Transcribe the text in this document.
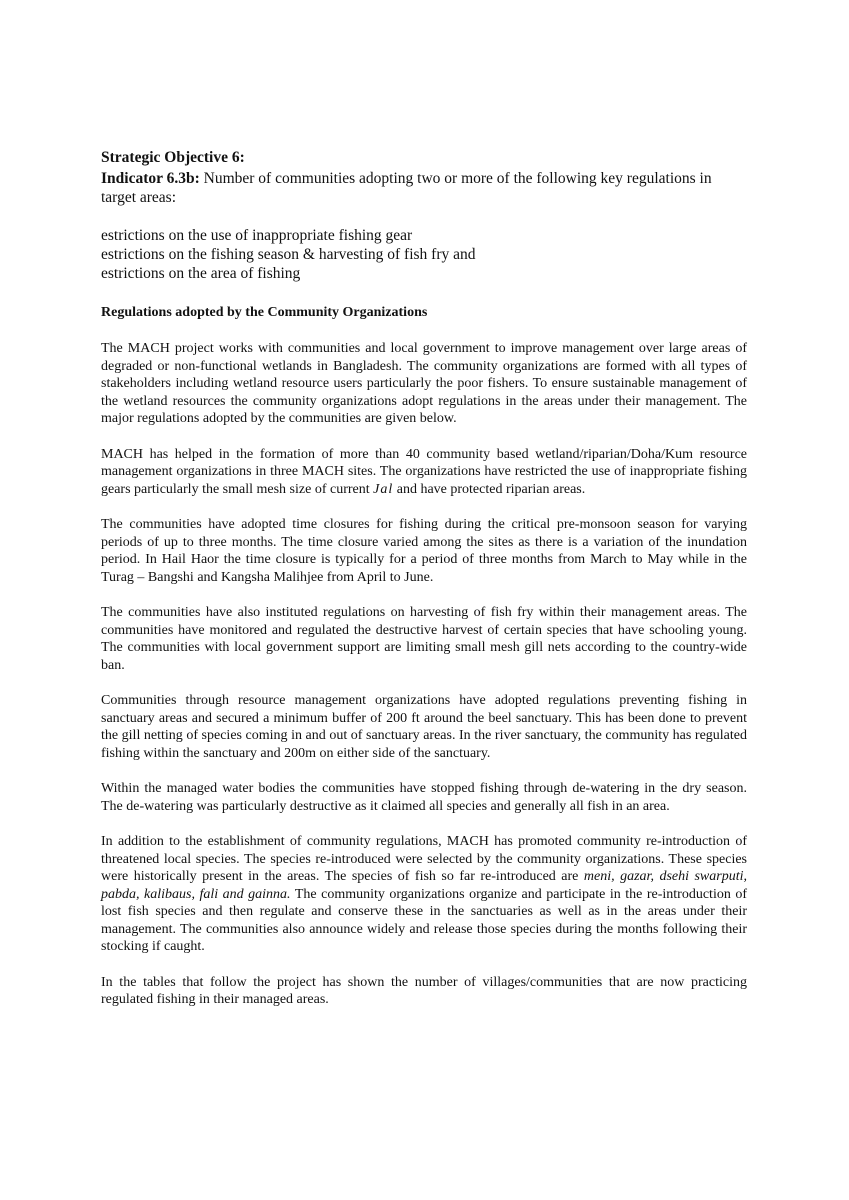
Strategic Objective 6:
Indicator 6.3b: Number of communities adopting two or more of the following key regulations in target areas:
estrictions on the use of inappropriate fishing gear
estrictions on the fishing season & harvesting of fish fry and
estrictions on the area of fishing
Regulations adopted by the Community Organizations
The MACH project works with communities and local government to improve management over large areas of degraded or non-functional wetlands in Bangladesh. The community organizations are formed with all types of stakeholders including wetland resource users particularly the poor fishers. To ensure sustainable management of the wetland resources the community organizations adopt regulations in the areas under their management. The major regulations adopted by the communities are given below.
MACH has helped in the formation of more than 40 community based wetland/riparian/Doha/Kum resource management organizations in three MACH sites. The organizations have restricted the use of inappropriate fishing gears particularly the small mesh size of current Jal and have protected riparian areas.
The communities have adopted time closures for fishing during the critical pre-monsoon season for varying periods of up to three months. The time closure varied among the sites as there is a variation of the inundation period. In Hail Haor the time closure is typically for a period of three months from March to May while in the Turag – Bangshi and Kangsha Malihjee from April to June.
The communities have also instituted regulations on harvesting of fish fry within their management areas. The communities have monitored and regulated the destructive harvest of certain species that have schooling young. The communities with local government support are limiting small mesh gill nets according to the country-wide ban.
Communities through resource management organizations have adopted regulations preventing fishing in sanctuary areas and secured a minimum buffer of 200 ft around the beel sanctuary. This has been done to prevent the gill netting of species coming in and out of sanctuary areas. In the river sanctuary, the community has regulated fishing within the sanctuary and 200m on either side of the sanctuary.
Within the managed water bodies the communities have stopped fishing through de-watering in the dry season. The de-watering was particularly destructive as it claimed all species and generally all fish in an area.
In addition to the establishment of community regulations, MACH has promoted community re-introduction of threatened local species. The species re-introduced were selected by the community organizations. These species were historically present in the areas. The species of fish so far re-introduced are meni, gazar, dsehi swarputi, pabda, kalibaus, fali and gainna. The community organizations organize and participate in the re-introduction of lost fish species and then regulate and conserve these in the sanctuaries as well as in the areas under their management. The communities also announce widely and release those species during the months following their stocking if caught.
In the tables that follow the project has shown the number of villages/communities that are now practicing regulated fishing in their managed areas.
